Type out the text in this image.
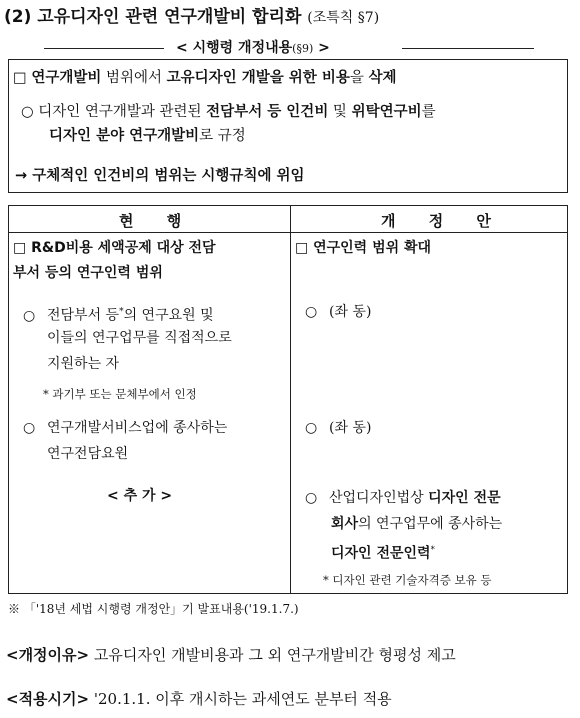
(2) 고유디자인 관련 연구개발비 합리화 (조특칙 §7)
< 시행령 개정내용(§9) >
□ 연구개발비 범위에서 고유디자인 개발을 위한 비용을 삭제
○ 디자인 연구개발과 관련된 전담부서 등 인건비 및 위탁연구비를
디자인 분야 연구개발비로 규정
→ 구체적인 인건비의 범위는 시행규칙에 위임
현 행	개 정 안
□ R&D비용 세액공제 대상 전담
부서 등의 연구인력 범위
○ 전담부서 등*의 연구요원 및
이들의 연구업무를 직접적으로
지원하는 자
* 과기부 또는 문체부에서 인정
○ 연구개발서비스업에 종사하는
연구전담요원
< 추 가 >
□ 연구인력 범위 확대
○ (좌 동)
○ (좌 동)
○ 산업디자인법상 디자인 전문
회사의 연구업무에 종사하는
디자인 전문인력*
* 디자인 관련 기술자격증 보유 등
※ 「'18년 세법 시행령 개정안」기 발표내용('19.1.7.)
<개정이유> 고유디자인 개발비용과 그 외 연구개발비간 형평성 제고
<적용시기> '20.1.1. 이후 개시하는 과세연도 분부터 적용
